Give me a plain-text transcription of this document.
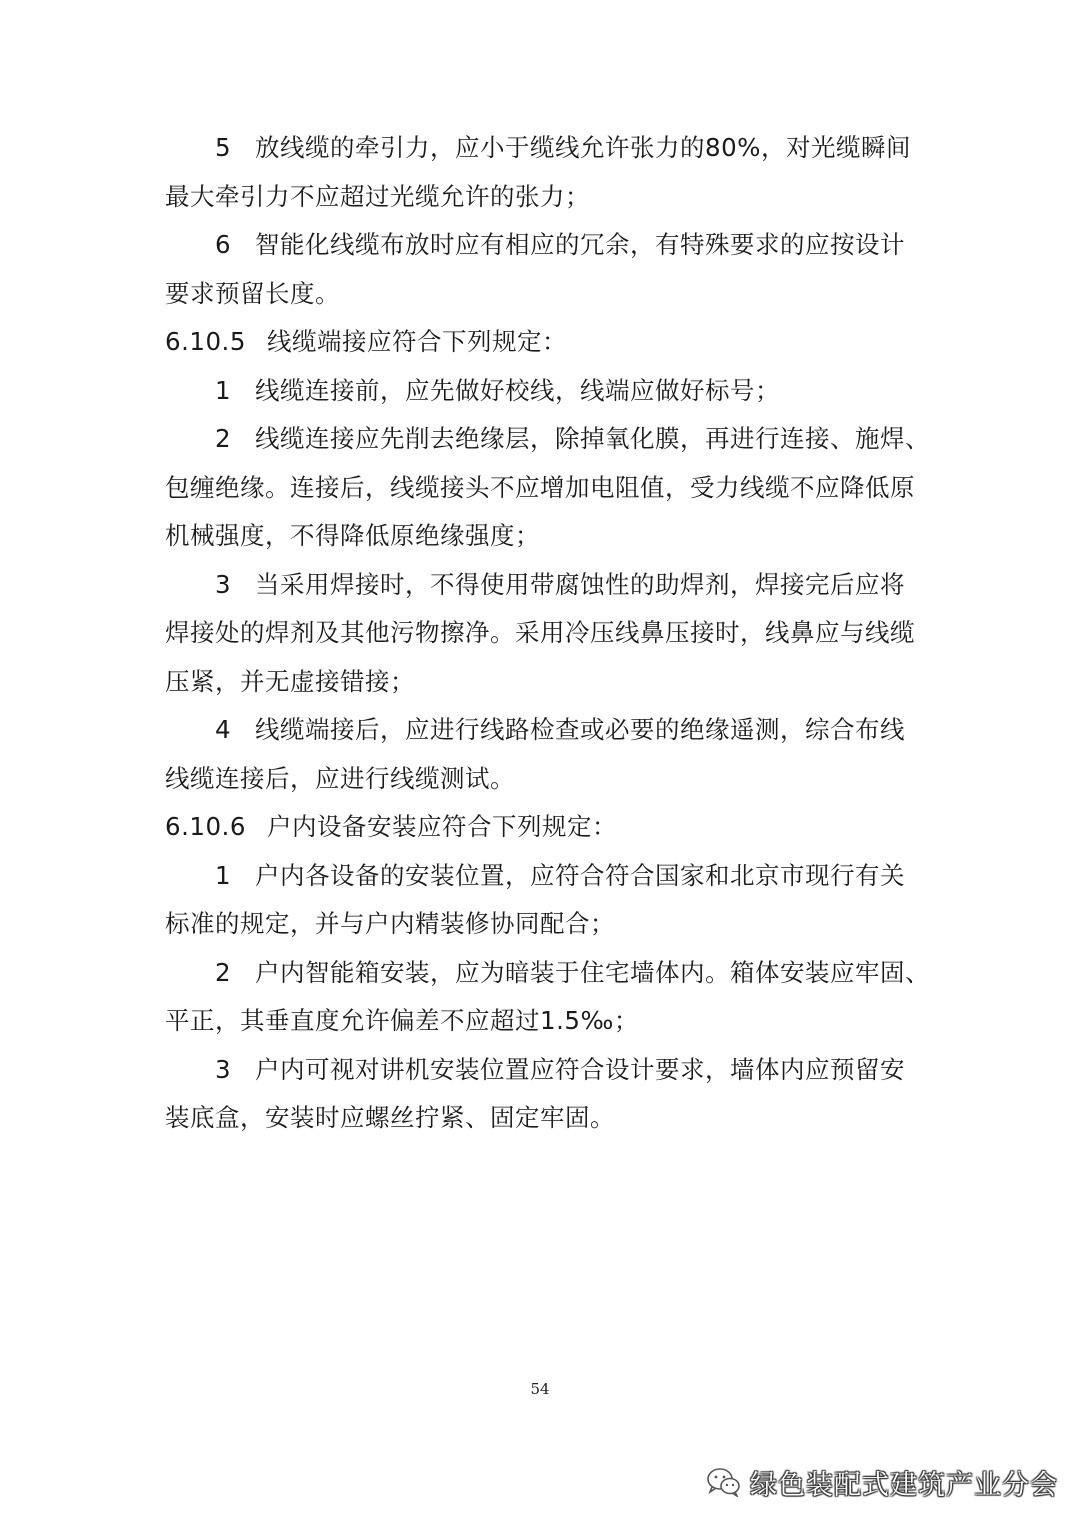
5 放线缆的牵引力，应小于缆线允许张力的80%，对光缆瞬间
最大牵引力不应超过光缆允许的张力；
6 智能化线缆布放时应有相应的冗余，有特殊要求的应按设计
要求预留长度。
6.10.5 线缆端接应符合下列规定：
1 线缆连接前，应先做好校线，线端应做好标号；
2 线缆连接应先削去绝缘层，除掉氧化膜，再进行连接、施焊、
包缠绝缘。连接后，线缆接头不应增加电阻值，受力线缆不应降低原
机械强度，不得降低原绝缘强度；
3 当采用焊接时，不得使用带腐蚀性的助焊剂，焊接完后应将
焊接处的焊剂及其他污物擦净。采用冷压线鼻压接时，线鼻应与线缆
压紧，并无虚接错接；
4 线缆端接后，应进行线路检查或必要的绝缘遥测，综合布线
线缆连接后，应进行线缆测试。
6.10.6 户内设备安装应符合下列规定：
1 户内各设备的安装位置，应符合符合国家和北京市现行有关
标准的规定，并与户内精装修协同配合；
2 户内智能箱安装，应为暗装于住宅墙体内。箱体安装应牢固、
平正，其垂直度允许偏差不应超过1.5‰；
3 户内可视对讲机安装位置应符合设计要求，墙体内应预留安
装底盒，安装时应螺丝拧紧、固定牢固。
54
绿色装配式建筑产业分会
